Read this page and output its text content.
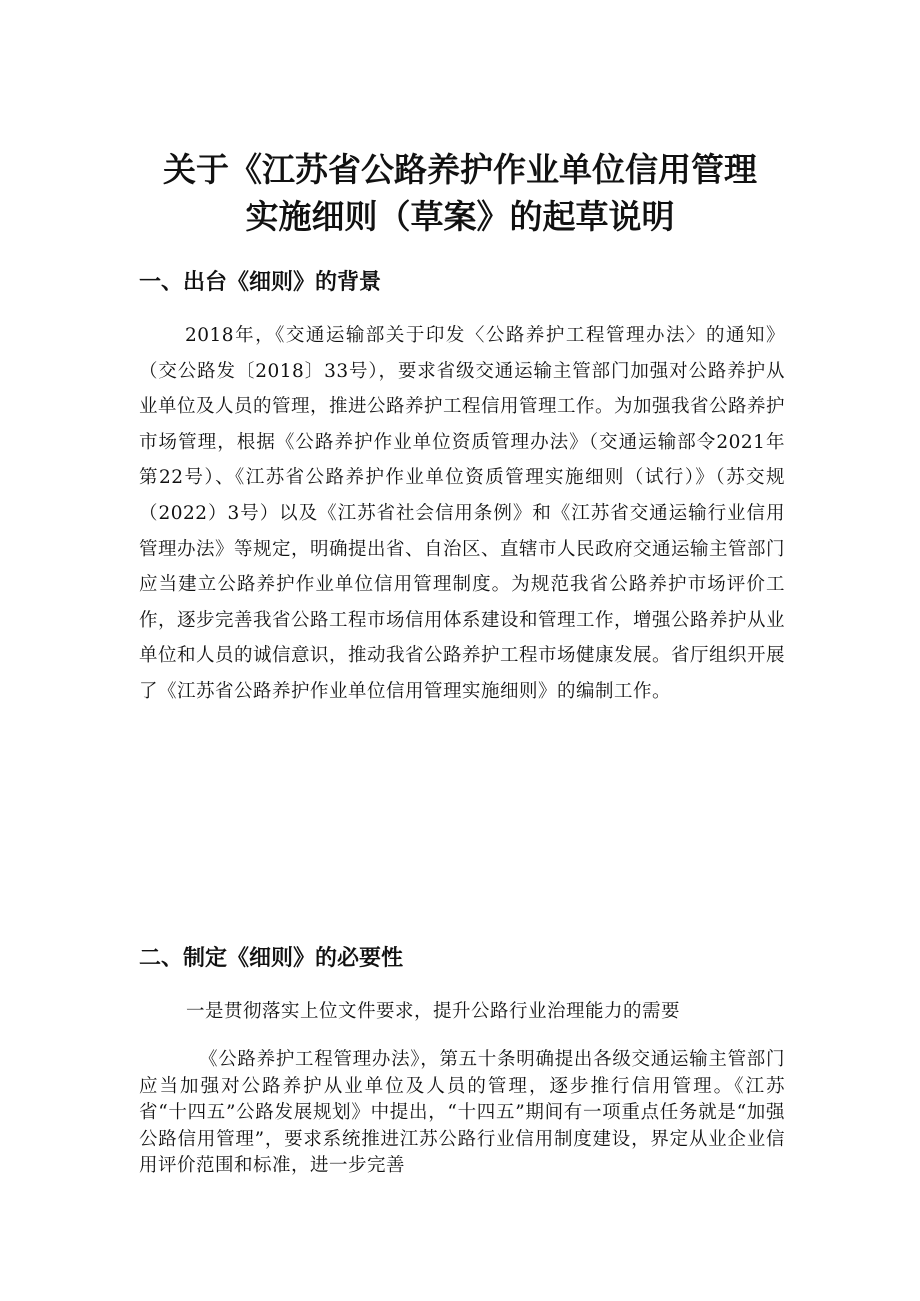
关于《江苏省公路养护作业单位信用管理
实施细则（草案》的起草说明
一、出台《细则》的背景
2018年，《交通运输部关于印发〈公路养护工程管理办法〉的通知》（交公路发〔2018〕33号），要求省级交通运输主管部门加强对公路养护从业单位及人员的管理，推进公路养护工程信用管理工作。为加强我省公路养护市场管理，根据《公路养护作业单位资质管理办法》（交通运输部令2021年第22号）、《江苏省公路养护作业单位资质管理实施细则（试行）》（苏交规（2022）3号）以及《江苏省社会信用条例》和《江苏省交通运输行业信用管理办法》等规定，明确提出省、自治区、直辖市人民政府交通运输主管部门应当建立公路养护作业单位信用管理制度。为规范我省公路养护市场评价工作，逐步完善我省公路工程市场信用体系建设和管理工作，增强公路养护从业单位和人员的诚信意识，推动我省公路养护工程市场健康发展。省厅组织开展了《江苏省公路养护作业单位信用管理实施细则》的编制工作。
二、制定《细则》的必要性
一是贯彻落实上位文件要求，提升公路行业治理能力的需要
《公路养护工程管理办法》，第五十条明确提出各级交通运输主管部门应当加强对公路养护从业单位及人员的管理，逐步推行信用管理。《江苏省“十四五”公路发展规划》中提出，“十四五”期间有一项重点任务就是“加强公路信用管理”，要求系统推进江苏公路行业信用制度建设，界定从业企业信用评价范围和标准，进一步完善
